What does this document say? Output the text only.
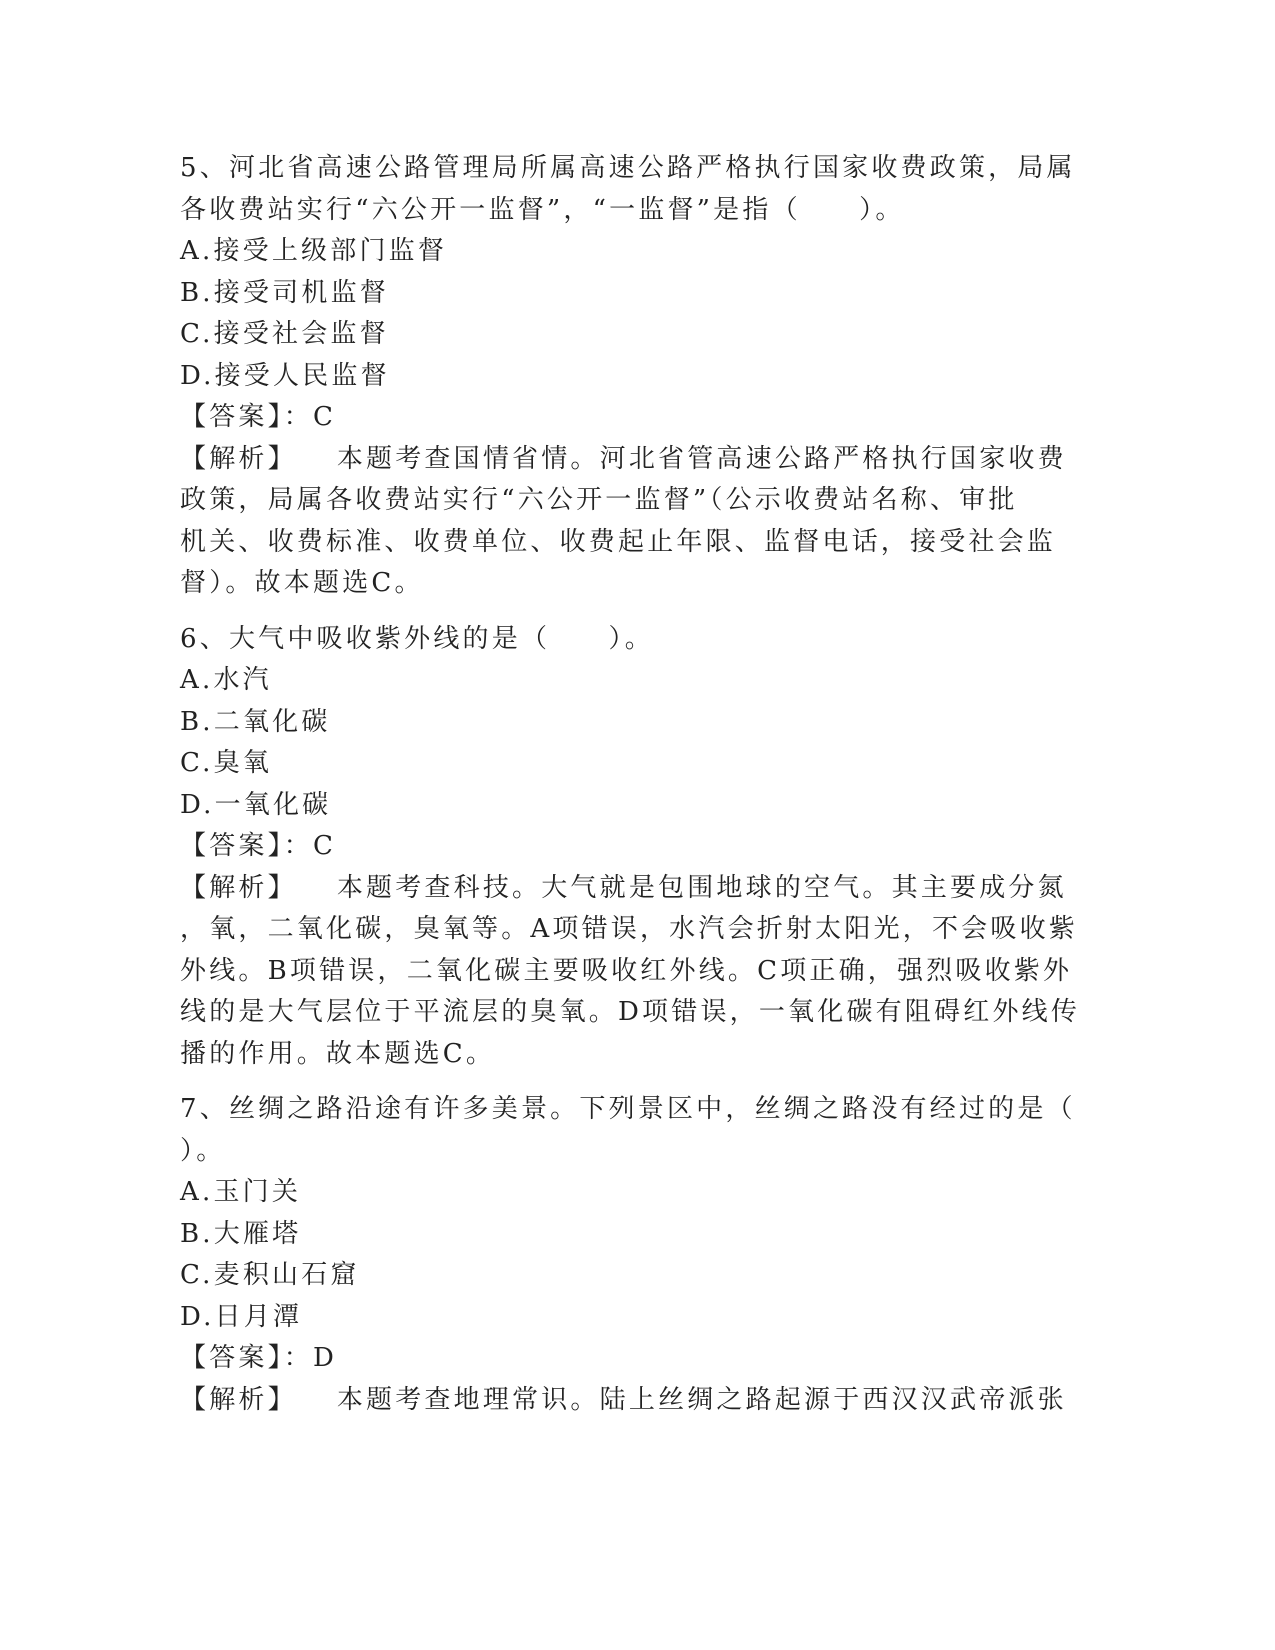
5、河北省高速公路管理局所属高速公路严格执行国家收费政策，局属

各收费站实行“六公开一监督”，“一监督”是指（　　）。

A.接受上级部门监督

B.接受司机监督

C.接受社会监督

D.接受人民监督

【答案】：C

【解析】 本题考查国情省情。河北省管高速公路严格执行国家收费

政策，局属各收费站实行“六公开一监督”（公示收费站名称、审批

机关、收费标准、收费单位、收费起止年限、监督电话，接受社会监

督）。故本题选C。

6、大气中吸收紫外线的是（　　）。

A.水汽

B.二氧化碳

C.臭氧

D.一氧化碳

【答案】：C

【解析】 本题考查科技。大气就是包围地球的空气。其主要成分氮

，氧，二氧化碳，臭氧等。A项错误，水汽会折射太阳光，不会吸收紫

外线。B项错误，二氧化碳主要吸收红外线。C项正确，强烈吸收紫外

线的是大气层位于平流层的臭氧。D项错误，一氧化碳有阻碍红外线传

播的作用。故本题选C。

7、丝绸之路沿途有许多美景。下列景区中，丝绸之路没有经过的是（

）。

A.玉门关

B.大雁塔

C.麦积山石窟

D.日月潭

【答案】：D

【解析】 本题考查地理常识。陆上丝绸之路起源于西汉汉武帝派张
